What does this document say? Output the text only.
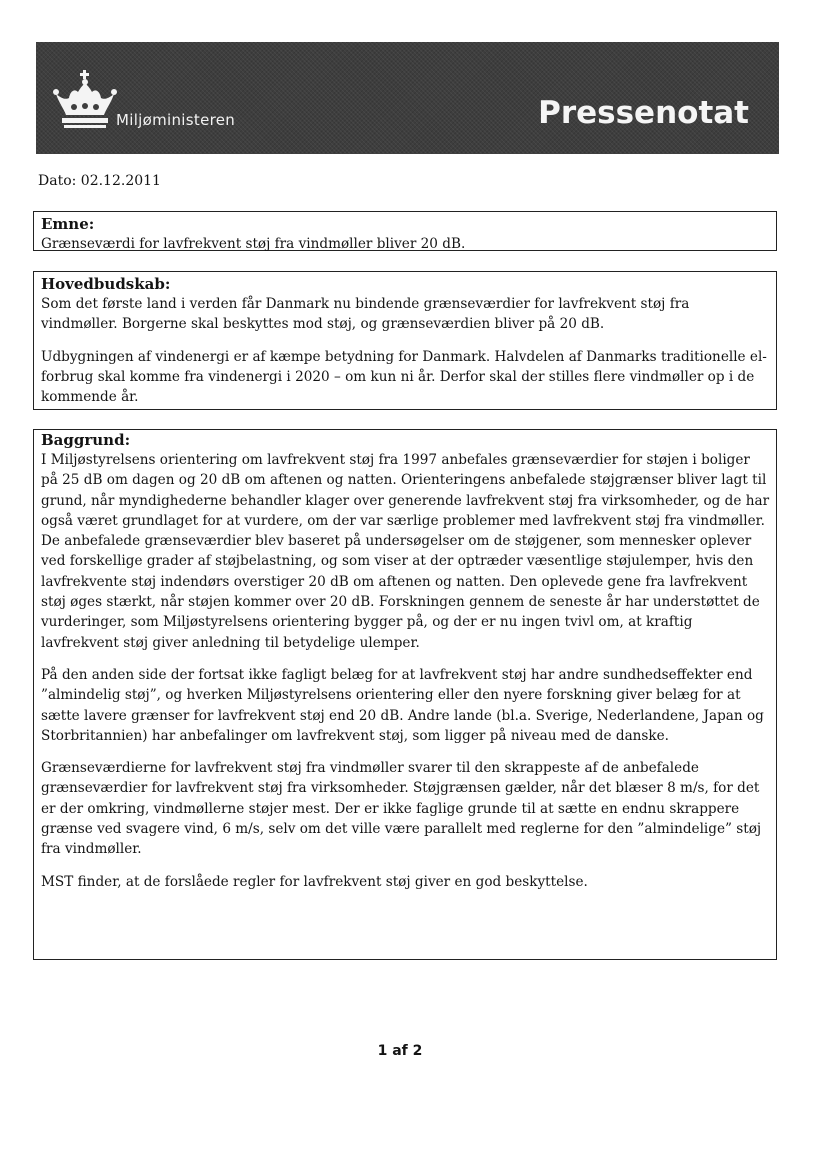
Miljøministeren	Pressenotat
Dato: 02.12.2011
Emne:

Grænseværdi for lavfrekvent støj fra vindmøller bliver 20 dB.

Hovedbudskab:

Som det første land i verden får Danmark nu bindende grænseværdier for lavfrekvent støj fra vindmøller. Borgerne skal beskyttes mod støj, og grænseværdien bliver på 20 dB.

Udbygningen af vindenergi er af kæmpe betydning for Danmark. Halvdelen af Danmarks traditionelle el-forbrug skal komme fra vindenergi i 2020 – om kun ni år. Derfor skal der stilles flere vindmøller op i de kommende år.

Baggrund:

I Miljøstyrelsens orientering om lavfrekvent støj fra 1997 anbefales grænseværdier for støjen i boliger på 25 dB om dagen og 20 dB om aftenen og natten. Orienteringens anbefalede støjgrænser bliver lagt til grund, når myndighederne behandler klager over generende lavfrekvent støj fra virksomheder, og de har også været grundlaget for at vurdere, om der var særlige problemer med lavfrekvent støj fra vindmøller. De anbefalede grænseværdier blev baseret på undersøgelser om de støjgener, som mennesker oplever ved forskellige grader af støjbelastning, og som viser at der optræder væsentlige støjulemper, hvis den lavfrekvente støj indendørs overstiger 20 dB om aftenen og natten. Den oplevede gene fra lavfrekvent støj øges stærkt, når støjen kommer over 20 dB. Forskningen gennem de seneste år har understøttet de vurderinger, som Miljøstyrelsens orientering bygger på, og der er nu ingen tvivl om, at kraftig lavfrekvent støj giver anledning til betydelige ulemper.

På den anden side der fortsat ikke fagligt belæg for at lavfrekvent støj har andre sundhedseffekter end ”almindelig støj”, og hverken Miljøstyrelsens orientering eller den nyere forskning giver belæg for at sætte lavere grænser for lavfrekvent støj end 20 dB. Andre lande (bl.a. Sverige, Nederlandene, Japan og Storbritannien) har anbefalinger om lavfrekvent støj, som ligger på niveau med de danske.

Grænseværdierne for lavfrekvent støj fra vindmøller svarer til den skrappeste af de anbefalede grænseværdier for lavfrekvent støj fra virksomheder. Støjgrænsen gælder, når det blæser 8 m/s, for det er der omkring, vindmøllerne støjer mest. Der er ikke faglige grunde til at sætte en endnu skrappere grænse ved svagere vind, 6 m/s, selv om det ville være parallelt med reglerne for den ”almindelige” støj fra vindmøller.

MST finder, at de forslåede regler for lavfrekvent støj giver en god beskyttelse.

1 af 2
